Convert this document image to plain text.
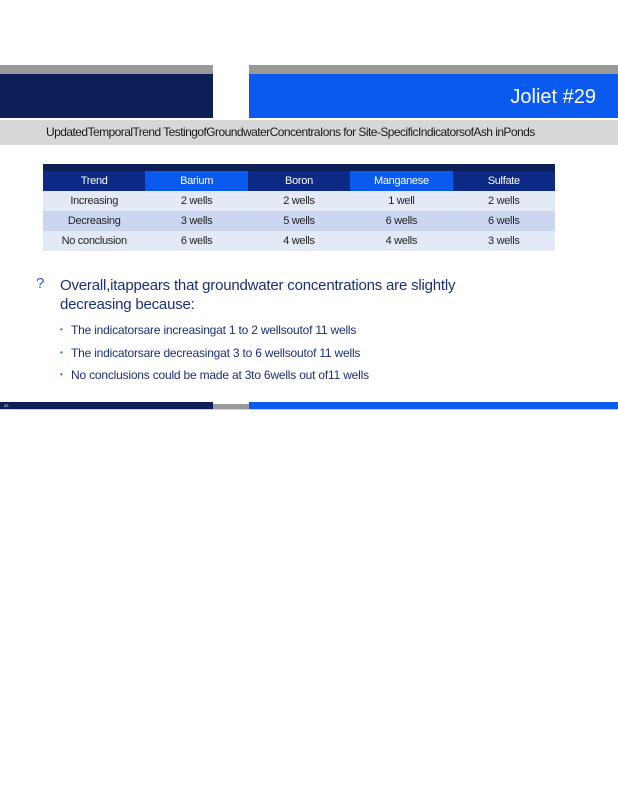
Joliet #29
UpdatedTemporalTrend TestingofGroundwaterConcentraIons for Site-SpecificIndicatorsofAsh inPonds
Trend	Barium	Boron	Manganese	Sulfate
Increasing	2 wells	2 wells	1 well	2 wells
Decreasing	3 wells	5 wells	6 wells	6 wells
No conclusion	6 wells	4 wells	4 wells	3 wells
? Overall,itappears that groundwater concentrations are slightly decreasing because:
• The indicatorsare increasingat 1 to 2 wellsoutof 11 wells
• The indicatorsare decreasingat 3 to 6 wellsoutof 11 wells
• No conclusions could be made at 3to 6wells out of11 wells
22
